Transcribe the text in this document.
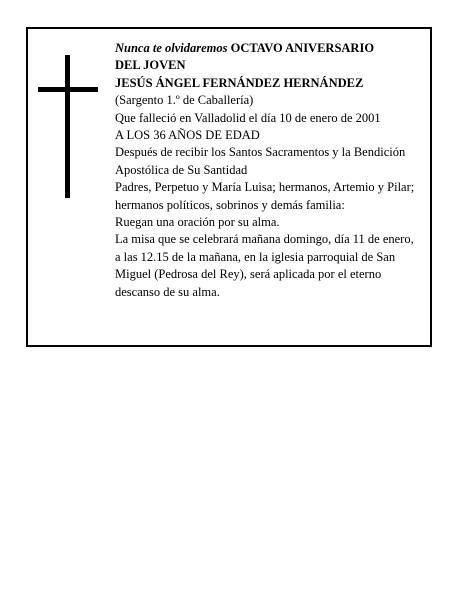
Nunca te olvidaremos OCTAVO ANIVERSARIO

DEL JOVEN

JESÚS ÁNGEL FERNÁNDEZ HERNÁNDEZ

(Sargento 1.º de Caballería)

Que falleció en Valladolid el día 10 de enero de 2001

A LOS 36 AÑOS DE EDAD

Después de recibir los Santos Sacramentos y la Bendición Apostólica de Su Santidad

Padres, Perpetuo y María Luisa; hermanos, Artemio y Pilar; hermanos políticos, sobrinos y demás familia:

Ruegan una oración por su alma.

La misa que se celebrará mañana domingo, día 11 de enero, a las 12.15 de la mañana, en la iglesia parroquial de San Miguel (Pedrosa del Rey), será aplicada por el eterno descanso de su alma.
